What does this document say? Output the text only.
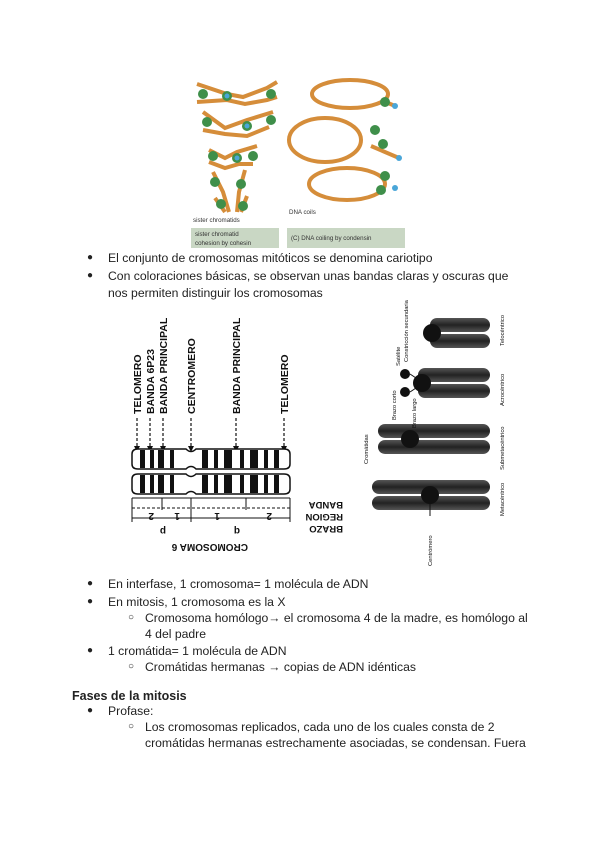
sister chromatids
DNA coils
sister chromatid
cohesion by cohesin
(C) DNA coiling by condensin
● El conjunto de cromosomas mitóticos se denomina cariotipo
● Con coloraciones básicas, se observan unas bandas claras y oscuras que
nos permiten distinguir los cromosomas
TELOMERO BANDA 6P23 BANDA PRINCIPAL CENTROMERO	BANDA PRINCIPAL	TELOMERO
2 1	1	2
p	q
CROMOSOMA 6
BANDA
REGION
BRAZO
Satélite Constricción secundaria	Telocéntrico
Brazo corto Brazo largo
Acrocéntrico
Cromátidas	Submetacéntrico
Metacéntrico
Centrómero
● En interfase, 1 cromosoma= 1 molécula de ADN
● En mitosis, 1 cromosoma es la X
○ Cromosoma homólogo→ el cromosoma 4 de la madre, es homólogo al
4 del padre
● 1 cromátida= 1 molécula de ADN
○ Cromátidas hermanas → copias de ADN idénticas
Fases de la mitosis
● Profase:
○ Los cromosomas replicados, cada uno de los cuales consta de 2
cromátidas hermanas estrechamente asociadas, se condensan. Fuera
